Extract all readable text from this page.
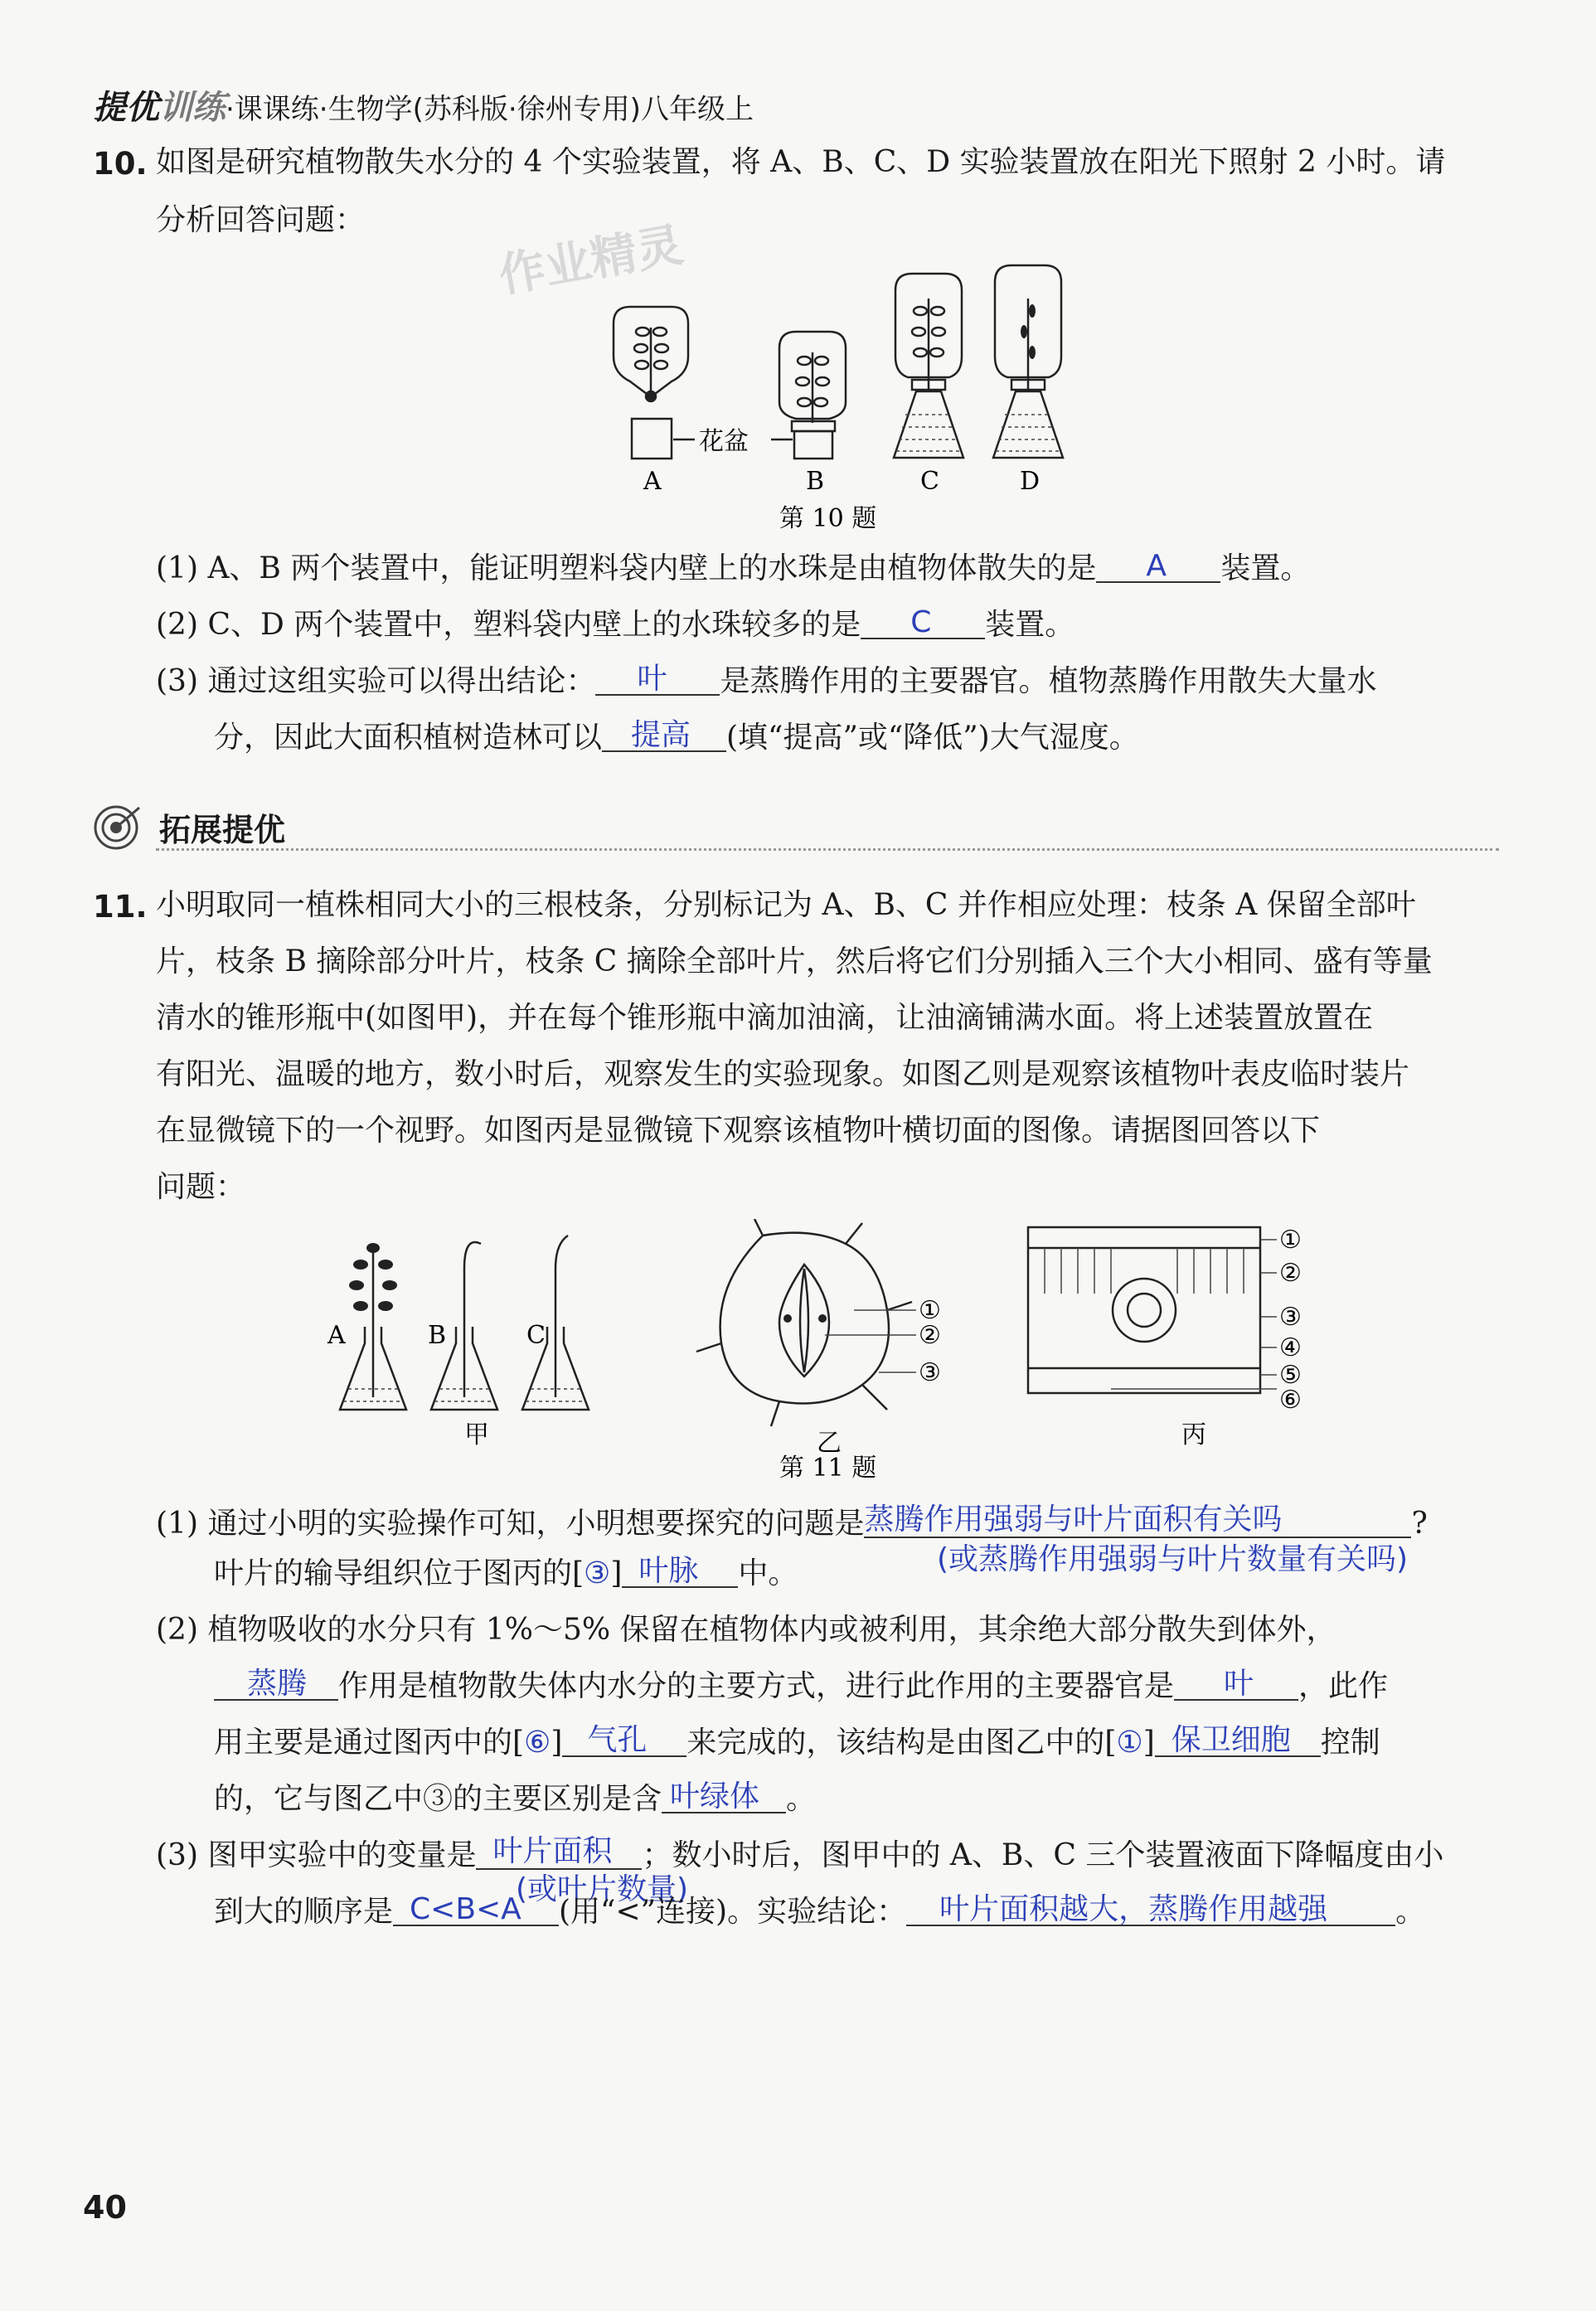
提优训练·课课练·生物学(苏科版·徐州专用)八年级上
作业精灵
10. 如图是研究植物散失水分的 4 个实验装置，将 A、B、C、D 实验装置放在阳光下照射 2 小时。请
分析回答问题：
花盆
A	B	C	D
第 10 题
(1) A、B 两个装置中，能证明塑料袋内壁上的水珠是由植物体散失的是 A 装置。
(2) C、D 两个装置中，塑料袋内壁上的水珠较多的是 C 装置。
(3) 通过这组实验可以得出结论： 叶 是蒸腾作用的主要器官。植物蒸腾作用散失大量水
分，因此大面积植树造林可以 提高 (填“提高”或“降低”)大气湿度。
拓展提优
11. 小明取同一植株相同大小的三根枝条，分别标记为 A、B、C 并作相应处理：枝条 A 保留全部叶
片，枝条 B 摘除部分叶片，枝条 C 摘除全部叶片，然后将它们分别插入三个大小相同、盛有等量
清水的锥形瓶中(如图甲)，并在每个锥形瓶中滴加油滴，让油滴铺满水面。将上述装置放置在
有阳光、温暖的地方，数小时后，观察发生的实验现象。如图乙则是观察该植物叶表皮临时装片
在显微镜下的一个视野。如图丙是显微镜下观察该植物叶横切面的图像。请据图回答以下
问题：
A	B	C
①
②
③
①
②
③
④
⑤
⑥
甲	乙	丙
第 11 题
(1) 通过小明的实验操作可知，小明想要探究的问题是 蒸腾作用强弱与叶片面积有关吗	?
(或蒸腾作用强弱与叶片数量有关吗)
叶片的输导组织位于图丙的[③] 叶脉 中。
(2) 植物吸收的水分只有 1%～5% 保留在植物体内或被利用，其余绝大部分散失到体外，
蒸腾 作用是植物散失体内水分的主要方式，进行此作用的主要器官是 叶 ，此作
用主要是通过图丙中的[⑥] 气孔 来完成的，该结构是由图乙中的[①] 保卫细胞 控制
的，它与图乙中③的主要区别是含 叶绿体 。
(3) 图甲实验中的变量是 叶片面积 ；数小时后，图甲中的 A、B、C 三个装置液面下降幅度由小
(或叶片数量)
到大的顺序是 C<B<A (用“<”连接)。实验结论： 叶片面积越大，蒸腾作用越强 。
40
